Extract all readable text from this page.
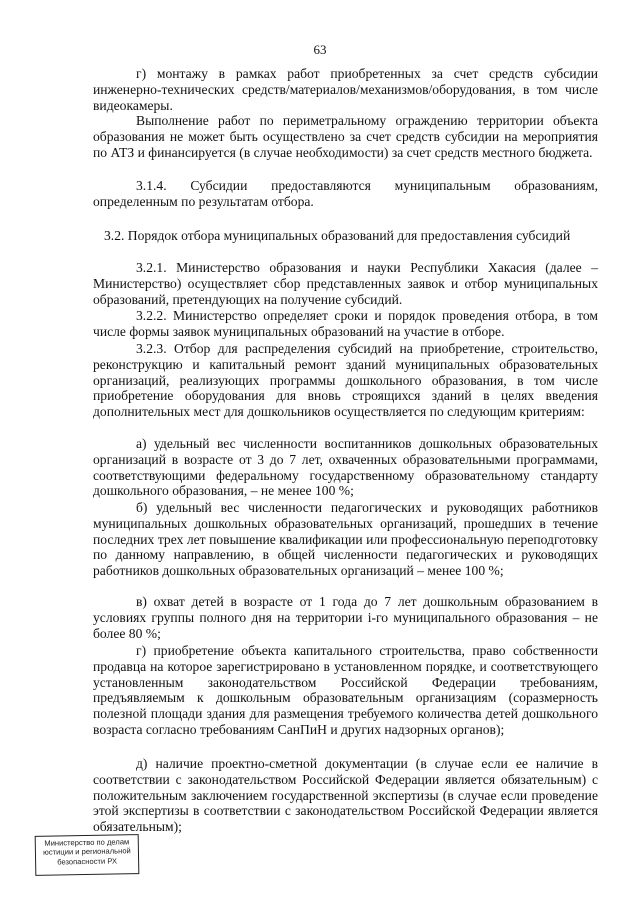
63

г) монтажу в рамках работ приобретенных за счет средств субсидии инженерно-технических средств/материалов/механизмов/оборудования, в том числе видеокамеры.

Выполнение работ по периметральному ограждению территории объекта образования не может быть осуществлено за счет средств субсидии на мероприятия по АТЗ и финансируется (в случае необходимости) за счет средств местного бюджета.

3.1.4. Субсидии предоставляются муниципальным образованиям, определенным по результатам отбора.

3.2. Порядок отбора муниципальных образований для предоставления субсидий

3.2.1. Министерство образования и науки Республики Хакасия (далее – Министерство) осуществляет сбор представленных заявок и отбор муниципальных образований, претендующих на получение субсидий.

3.2.2. Министерство определяет сроки и порядок проведения отбора, в том числе формы заявок муниципальных образований на участие в отборе.

3.2.3. Отбор для распределения субсидий на приобретение, строительство, реконструкцию и капитальный ремонт зданий муниципальных образовательных организаций, реализующих программы дошкольного образования, в том числе приобретение оборудования для вновь строящихся зданий в целях введения дополнительных мест для дошкольников осуществляется по следующим критериям:

а) удельный вес численности воспитанников дошкольных образовательных организаций в возрасте от 3 до 7 лет, охваченных образовательными программами, соответствующими федеральному государственному образовательному стандарту дошкольного образования, – не менее 100 %;

б) удельный вес численности педагогических и руководящих работников муниципальных дошкольных образовательных организаций, прошедших в течение последних трех лет повышение квалификации или профессиональную переподготовку по данному направлению, в общей численности педагогических и руководящих работников дошкольных образовательных организаций – менее 100 %;

в) охват детей в возрасте от 1 года до 7 лет дошкольным образованием в условиях группы полного дня на территории i-го муниципального образования – не более 80 %;

г) приобретение объекта капитального строительства, право собственности продавца на которое зарегистрировано в установленном порядке, и соответствующего установленным законодательством Российской Федерации требованиям, предъявляемым к дошкольным образовательным организациям (соразмерность полезной площади здания для размещения требуемого количества детей дошкольного возраста согласно требованиям СанПиН и других надзорных органов);

д) наличие проектно-сметной документации (в случае если ее наличие в соответствии с законодательством Российской Федерации является обязательным) с положительным заключением государственной экспертизы (в случае если проведение этой экспертизы в соответствии с законодательством Российской Федерации является обязательным);

Министерство по делам
юстиции и региональной
безопасности РХ
